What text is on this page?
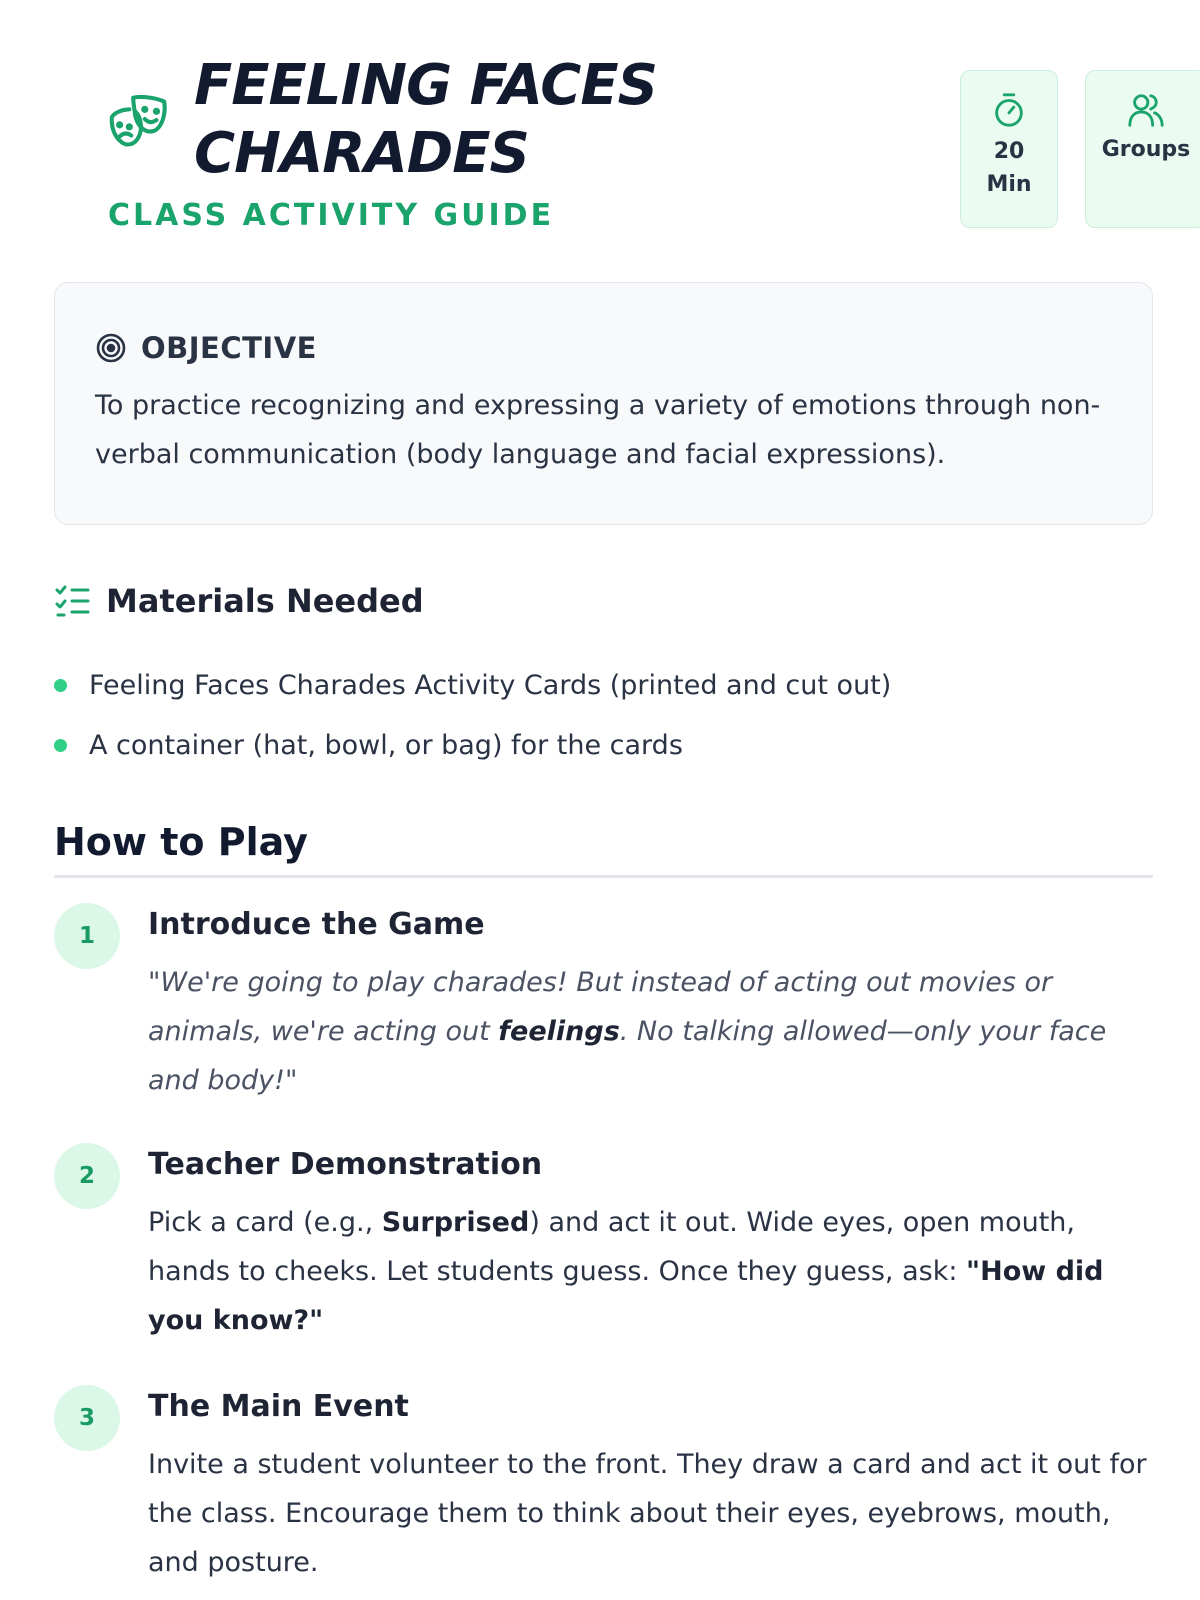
FEELING FACES
CHARADES
CLASS ACTIVITY GUIDE
20
Min
Groups
OBJECTIVE

To practice recognizing and expressing a variety of emotions through non-verbal communication (body language and facial expressions).

Materials Needed
Feeling Faces Charades Activity Cards (printed and cut out)
A container (hat, bowl, or bag) for the cards
How to Play
1	Introduce the Game

"We're going to play charades! But instead of acting out movies or animals, we're acting out feelings. No talking allowed—only your face and body!"

2	Teacher Demonstration

Pick a card (e.g., Surprised) and act it out. Wide eyes, open mouth, hands to cheeks. Let students guess. Once they guess, ask: "How did you know?"

3	The Main Event

Invite a student volunteer to the front. They draw a card and act it out for the class. Encourage them to think about their eyes, eyebrows, mouth, and posture.
